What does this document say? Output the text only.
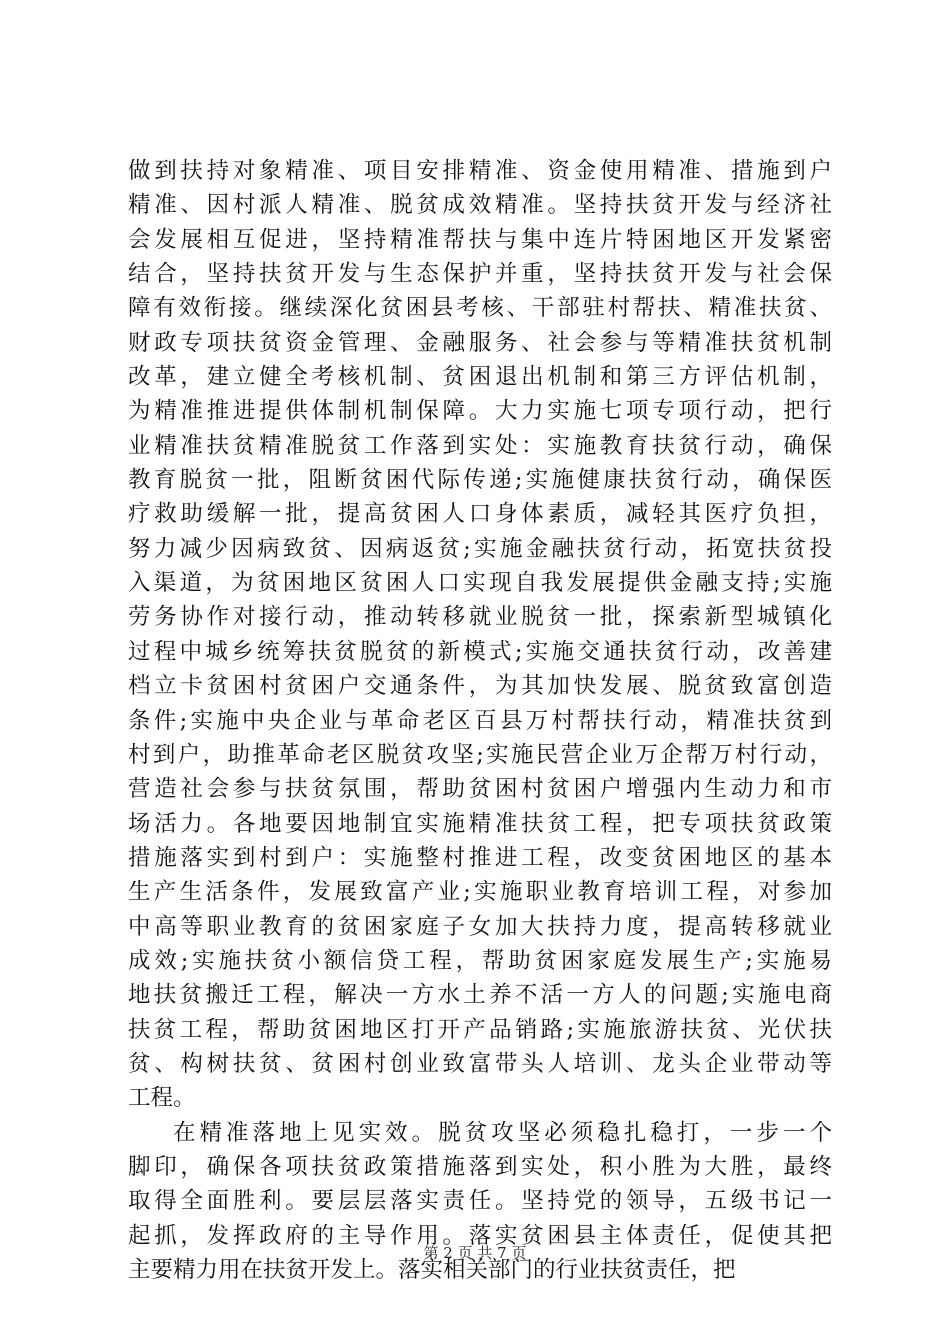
做到扶持对象精准、项目安排精准、资金使用精准、措施到户
精准、因村派人精准、脱贫成效精准。坚持扶贫开发与经济社
会发展相互促进，坚持精准帮扶与集中连片特困地区开发紧密
结合，坚持扶贫开发与生态保护并重，坚持扶贫开发与社会保
障有效衔接。继续深化贫困县考核、干部驻村帮扶、精准扶贫、
财政专项扶贫资金管理、金融服务、社会参与等精准扶贫机制
改革，建立健全考核机制、贫困退出机制和第三方评估机制，
为精准推进提供体制机制保障。大力实施七项专项行动，把行
业精准扶贫精准脱贫工作落到实处：实施教育扶贫行动，确保
教育脱贫一批，阻断贫困代际传递;实施健康扶贫行动，确保医
疗救助缓解一批，提高贫困人口身体素质，减轻其医疗负担，
努力减少因病致贫、因病返贫;实施金融扶贫行动，拓宽扶贫投
入渠道，为贫困地区贫困人口实现自我发展提供金融支持;实施
劳务协作对接行动，推动转移就业脱贫一批，探索新型城镇化
过程中城乡统筹扶贫脱贫的新模式;实施交通扶贫行动，改善建
档立卡贫困村贫困户交通条件，为其加快发展、脱贫致富创造
条件;实施中央企业与革命老区百县万村帮扶行动，精准扶贫到
村到户，助推革命老区脱贫攻坚;实施民营企业万企帮万村行动，
营造社会参与扶贫氛围，帮助贫困村贫困户增强内生动力和市
场活力。各地要因地制宜实施精准扶贫工程，把专项扶贫政策
措施落实到村到户：实施整村推进工程，改变贫困地区的基本
生产生活条件，发展致富产业;实施职业教育培训工程，对参加
中高等职业教育的贫困家庭子女加大扶持力度，提高转移就业
成效;实施扶贫小额信贷工程，帮助贫困家庭发展生产;实施易
地扶贫搬迁工程，解决一方水土养不活一方人的问题;实施电商
扶贫工程，帮助贫困地区打开产品销路;实施旅游扶贫、光伏扶
贫、构树扶贫、贫困村创业致富带头人培训、龙头企业带动等
工程。
在精准落地上见实效。脱贫攻坚必须稳扎稳打，一步一个
脚印，确保各项扶贫政策措施落到实处，积小胜为大胜，最终
取得全面胜利。要层层落实责任。坚持党的领导，五级书记一
起抓，发挥政府的主导作用。落实贫困县主体责任，促使其把
主要精力用在扶贫开发上。落实相关部门的行业扶贫责任，把
第 2 页 共 7 页
